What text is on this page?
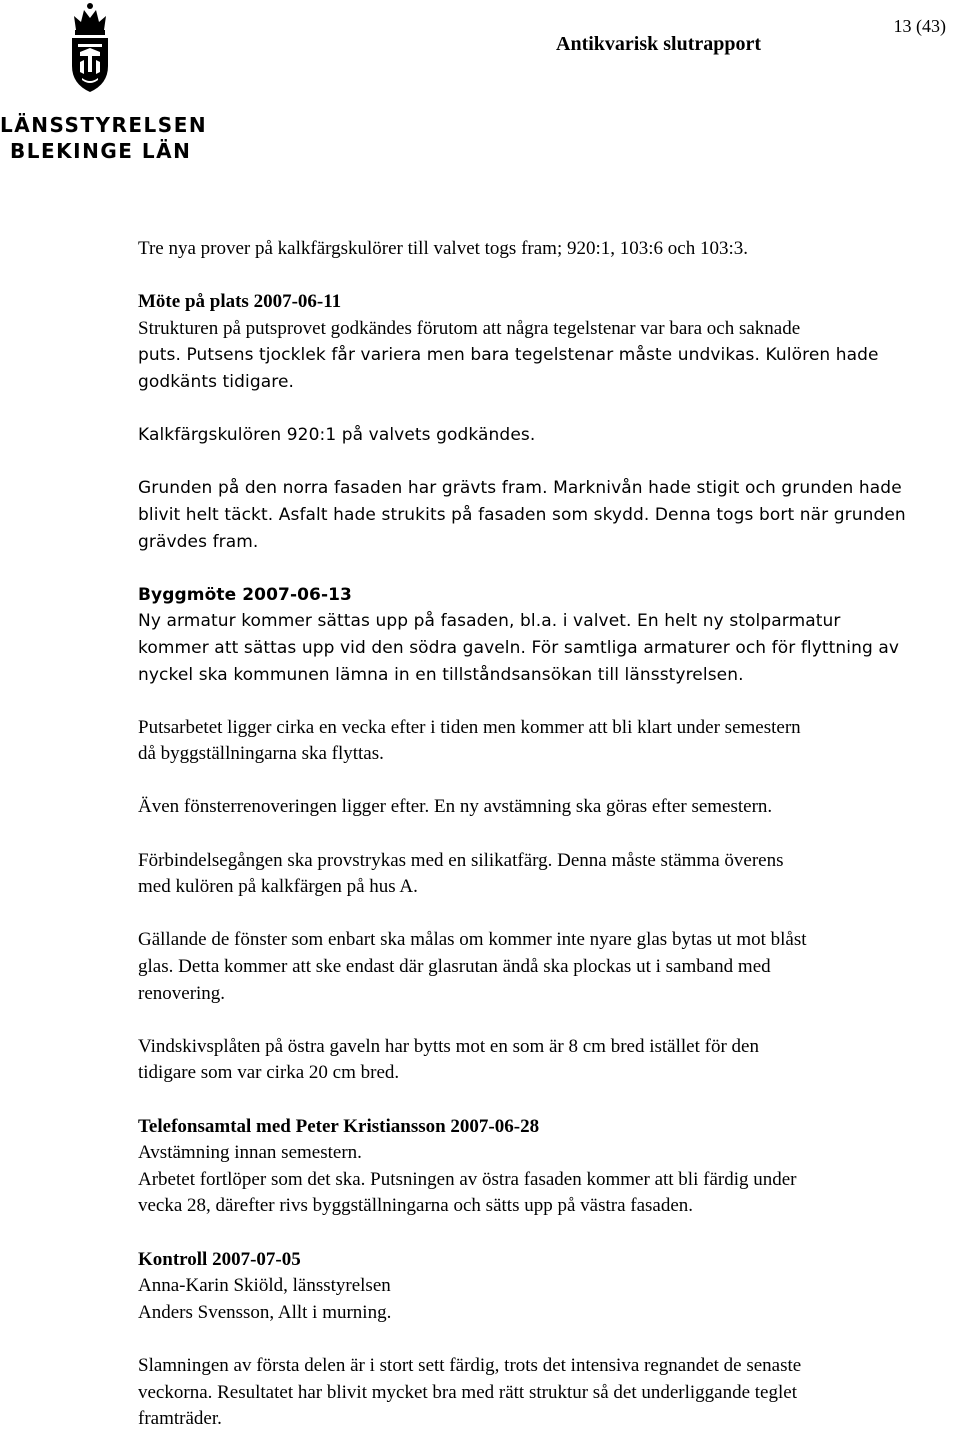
LÄNSSTYRELSEN
BLEKINGE LÄN
Antikvarisk slutrapport
13 (43)

Tre nya prover på kalkfärgskulörer till valvet togs fram; 920:1, 103:6 och 103:3.

Möte på plats 2007-06-11

Strukturen på putsprovet godkändes förutom att några tegelstenar var bara och saknade

puts. Putsens tjocklek får variera men bara tegelstenar måste undvikas. Kulören hade

godkänts tidigare.

Kalkfärgskulören 920:1 på valvets godkändes.

Grunden på den norra fasaden har grävts fram. Marknivån hade stigit och grunden hade

blivit helt täckt. Asfalt hade strukits på fasaden som skydd. Denna togs bort när grunden

grävdes fram.

Byggmöte 2007-06-13

Ny armatur kommer sättas upp på fasaden, bl.a. i valvet. En helt ny stolparmatur

kommer att sättas upp vid den södra gaveln. För samtliga armaturer och för flyttning av

nyckel ska kommunen lämna in en tillståndsansökan till länsstyrelsen.

Putsarbetet ligger cirka en vecka efter i tiden men kommer att bli klart under semestern

då byggställningarna ska flyttas.

Även fönsterrenoveringen ligger efter. En ny avstämning ska göras efter semestern.

Förbindelsegången ska provstrykas med en silikatfärg. Denna måste stämma överens

med kulören på kalkfärgen på hus A.

Gällande de fönster som enbart ska målas om kommer inte nyare glas bytas ut mot blåst

glas. Detta kommer att ske endast där glasrutan ändå ska plockas ut i samband med

renovering.

Vindskivsplåten på östra gaveln har bytts mot en som är 8 cm bred istället för den

tidigare som var cirka 20 cm bred.

Telefonsamtal med Peter Kristiansson 2007-06-28

Avstämning innan semestern.

Arbetet fortlöper som det ska. Putsningen av östra fasaden kommer att bli färdig under

vecka 28, därefter rivs byggställningarna och sätts upp på västra fasaden.

Kontroll 2007-07-05

Anna-Karin Skiöld, länsstyrelsen

Anders Svensson, Allt i murning.

Slamningen av första delen är i stort sett färdig, trots det intensiva regnandet de senaste

veckorna. Resultatet har blivit mycket bra med rätt struktur så det underliggande teglet

framträder.
